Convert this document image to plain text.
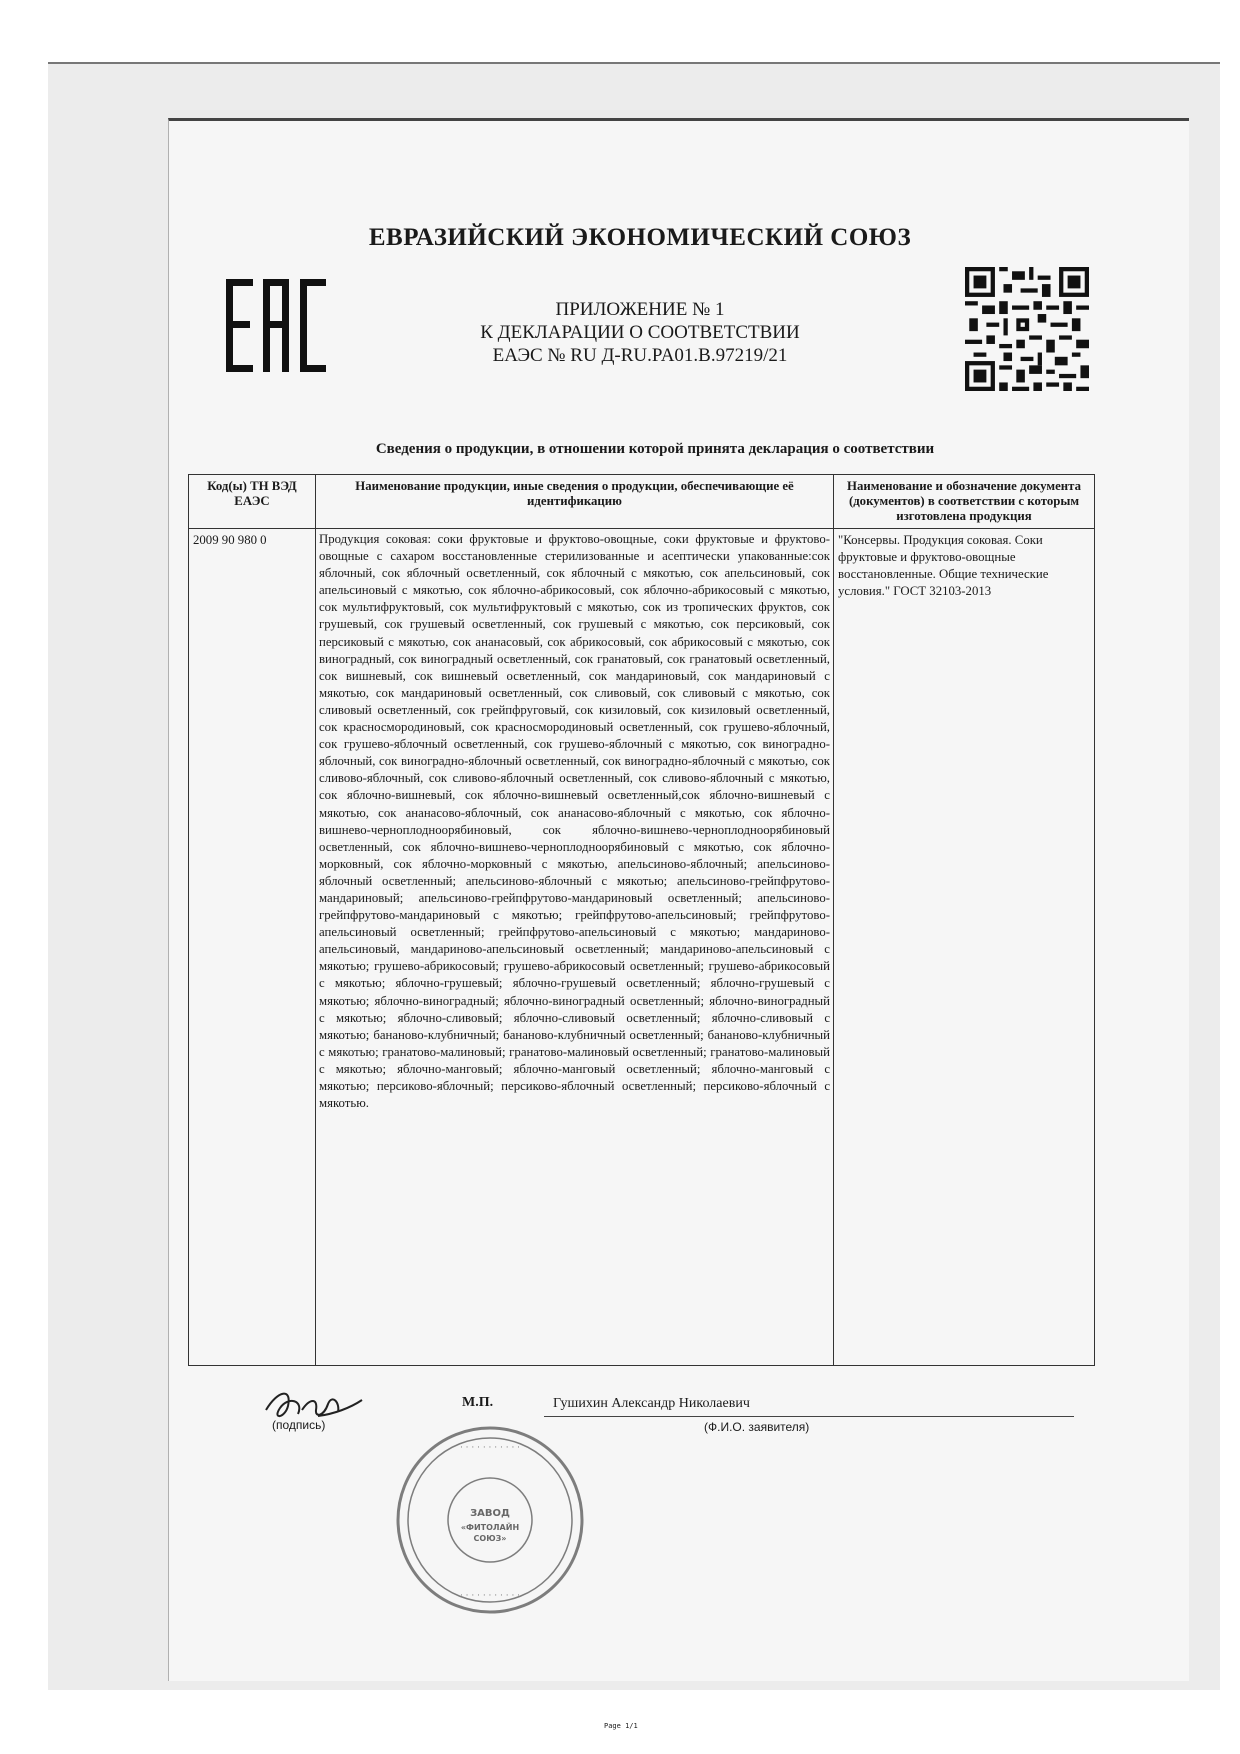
ЕВРАЗИЙСКИЙ ЭКОНОМИЧЕСКИЙ СОЮЗ
ПРИЛОЖЕНИЕ № 1
К ДЕКЛАРАЦИИ О СООТВЕТСТВИИ
ЕАЭС № RU Д-RU.PA01.B.97219/21
Сведения о продукции, в отношении которой принята декларация о соответствии
Код(ы) ТН ВЭД ЕАЭС	Наименование продукции, иные сведения о продукции, обеспечивающие её идентификацию	Наименование и обозначение документа (документов) в соответствии с которым изготовлена продукция
2009 90 980 0	Продукция соковая: соки фруктовые и фруктово-овощные, соки фруктовые и фруктово-овощные с сахаром восстановленные стерилизованные и асептически упакованные:сок яблочный, сок яблочный осветленный, сок яблочный с мякотью, сок апельсиновый, сок апельсиновый с мякотью, сок яблочно-абрикосовый, сок яблочно-абрикосовый с мякотью, сок мультифруктовый, сок мультифруктовый с мякотью, сок из тропических фруктов, сок грушевый, сок грушевый осветленный, сок грушевый с мякотью, сок персиковый, сок персиковый с мякотью, сок ананасовый, сок абрикосовый, сок абрикосовый с мякотью, сок виноградный, сок виноградный осветленный, сок гранатовый, сок гранатовый осветленный, сок вишневый, сок вишневый осветленный, сок мандариновый, сок мандариновый с мякотью, сок мандариновый осветленный, сок сливовый, сок сливовый с мякотью, сок сливовый осветленный, сок грейпфруговый, сок кизиловый, сок кизиловый осветленный, сок красносмородиновый, сок красносмородиновый осветленный, сок грушево-яблочный, сок грушево-яблочный осветленный, сок грушево-яблочный с мякотью, сок виноградно-яблочный, сок виноградно-яблочный осветленный, сок виноградно-яблочный с мякотью, сок сливово-яблочный, сок сливово-яблочный осветленный, сок сливово-яблочный с мякотью, сок яблочно-вишневый, сок яблочно-вишневый осветленный,сок яблочно-вишневый с мякотью, сок ананасово-яблочный, сок ананасово-яблочный с мякотью, сок яблочно-вишнево-черноплодноорябиновый, сок яблочно-вишнево-черноплодноорябиновый осветленный, сок яблочно-вишнево-черноплодноорябиновый с мякотью, сок яблочно-морковный, сок яблочно-морковный с мякотью, апельсиново-яблочный; апельсиново-яблочный осветленный; апельсиново-яблочный с мякотью; апельсиново-грейпфрутово-мандариновый; апельсиново-грейпфрутово-мандариновый осветленный; апельсиново-грейпфрутово-мандариновый с мякотью; грейпфрутово-апельсиновый; грейпфрутово-апельсиновый осветленный; грейпфрутово-апельсиновый с мякотью; мандариново-апельсиновый, мандариново-апельсиновый осветленный; мандариново-апельсиновый с мякотью; грушево-абрикосовый; грушево-абрикосовый осветленный; грушево-абрикосовый с мякотью; яблочно-грушевый; яблочно-грушевый осветленный; яблочно-грушевый с мякотью; яблочно-виноградный; яблочно-виноградный осветленный; яблочно-виноградный с мякотью; яблочно-сливовый; яблочно-сливовый осветленный; яблочно-сливовый с мякотью; бананово-клубничный; бананово-клубничный осветленный; бананово-клубничный с мякотью; гранатово-малиновый; гранатово-малиновый осветленный; гранатово-малиновый с мякотью; яблочно-манговый; яблочно-манговый осветленный; яблочно-манговый с мякотью; персиково-яблочный; персиково-яблочный осветленный; персиково-яблочный с мякотью.	"Консервы. Продукция соковая. Соки фруктовые и фруктово-овощные восстановленные. Общие технические условия." ГОСТ 32103-2013
М.П.	Гушихин Александр Николаевич
(подпись)	(Ф.И.О. заявителя)
· · · · · · · · · · ·
· · · · · · · · · · ·
ЗАВОД
«ФИТОЛАЙН
СОЮЗ»
Page 1/1
